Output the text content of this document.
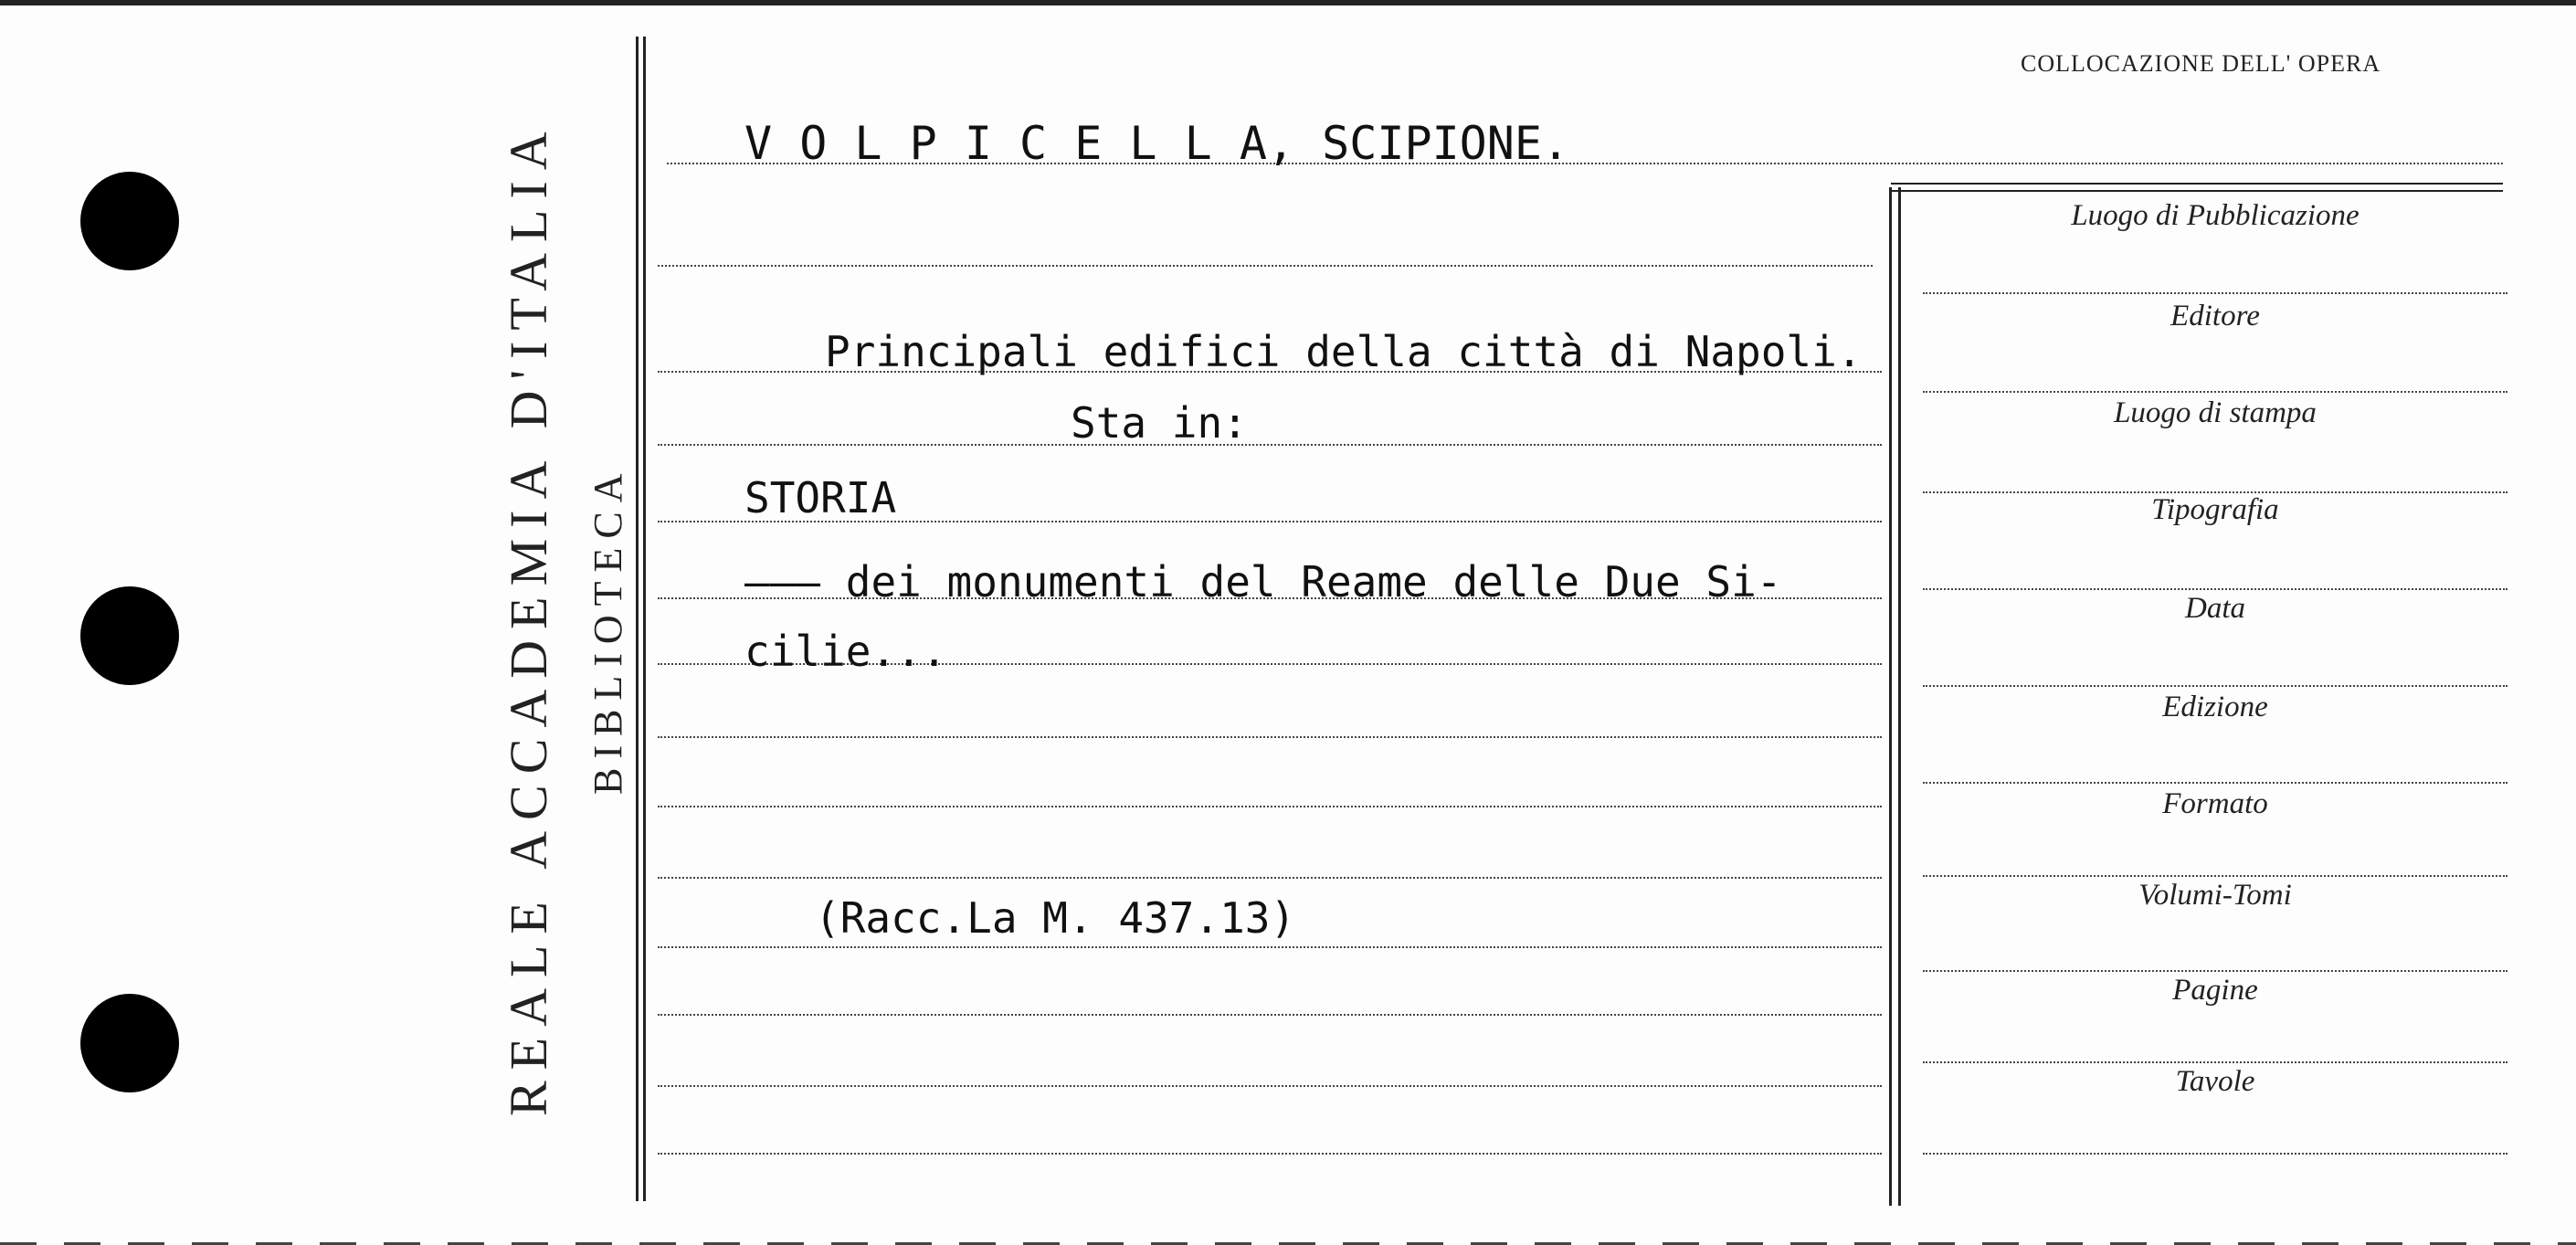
REALE ACCADEMIA D'ITALIA BIBLIOTECA
COLLOCAZIONE DELL' OPERA
V O L P I C E L L A, SCIPIONE.
Principali edifici della città di Napoli.
Sta in:
STORIA
——— dei monumenti del Reame delle Due Si-
cilie...
(Racc.La M. 437.13)
Luogo di Pubblicazione
Editore
Luogo di stampa
Tipografia
Data
Edizione
Formato
Volumi-Tomi
Pagine
Tavole
